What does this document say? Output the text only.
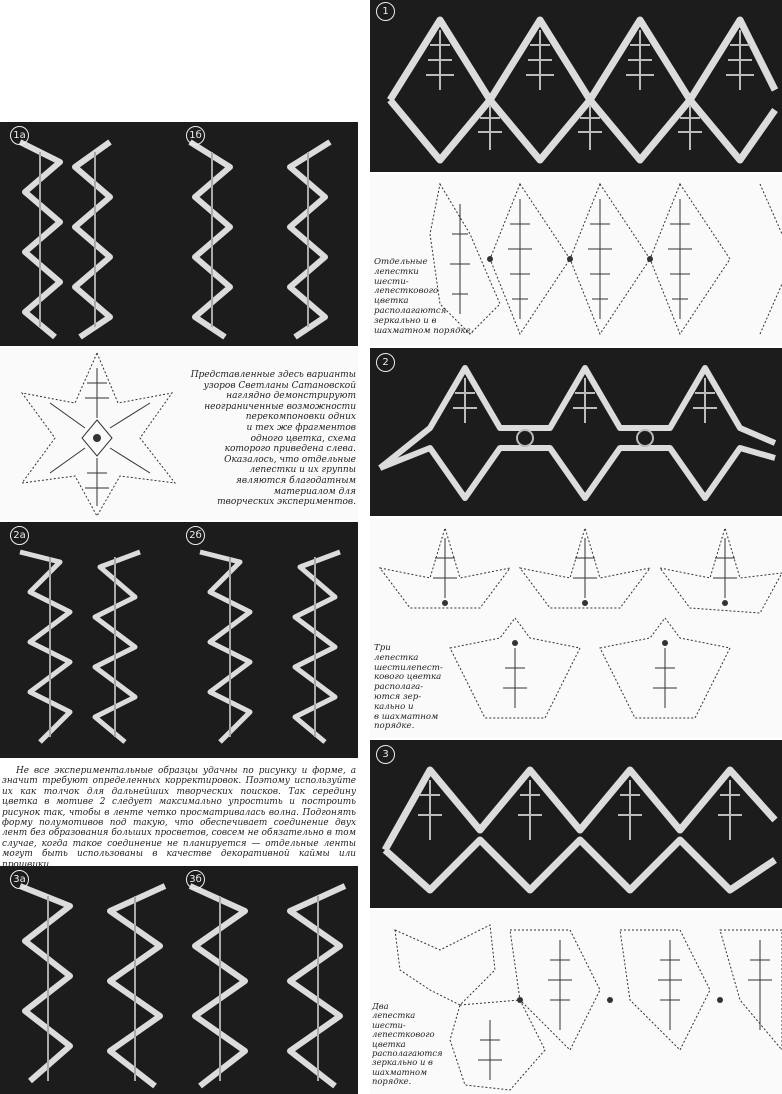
1

Отдельные
лепестки
шести-
лепесткового
цветка
располагаются
зеркально и в
шахматном порядке.

2

Три
лепестка
шестилепест-
кового цветка
располага-
ются зер-
кально и
в шахматном
порядке.

3

Два
лепестка
шести-
лепесткового
цветка
располагаются
зеркально и в
шахматном
порядке.

1а	1б

Представленные здесь варианты
узоров Светланы Сатановской
наглядно демонстрируют
неограниченные возможности
перекомпоновки одних
и тех же фрагментов
одного цветка, схема
которого приведена слева.
Оказалось, что отдельные
лепестки и их группы
являются благодатным
материалом для
творческих экспериментов.

2а	2б

Не все экспериментальные образцы удачны по рисунку и форме, а значит требуют определенных корректировок. Поэтому используйте их как толчок для дальнейших творческих поисков. Так середину цветка в мотиве 2 следует максимально упростить и построить рисунок так, чтобы в ленте четко просматривалась волна. Подгонять форму полумотивов под такую, что обеспечивает соединение двух лент без образования больших просветов, совсем не обязательно в том случае, когда такое соединение не планируется — отдельные ленты могут быть использованы в качестве декоративной каймы или прошвики.

3а	3б
